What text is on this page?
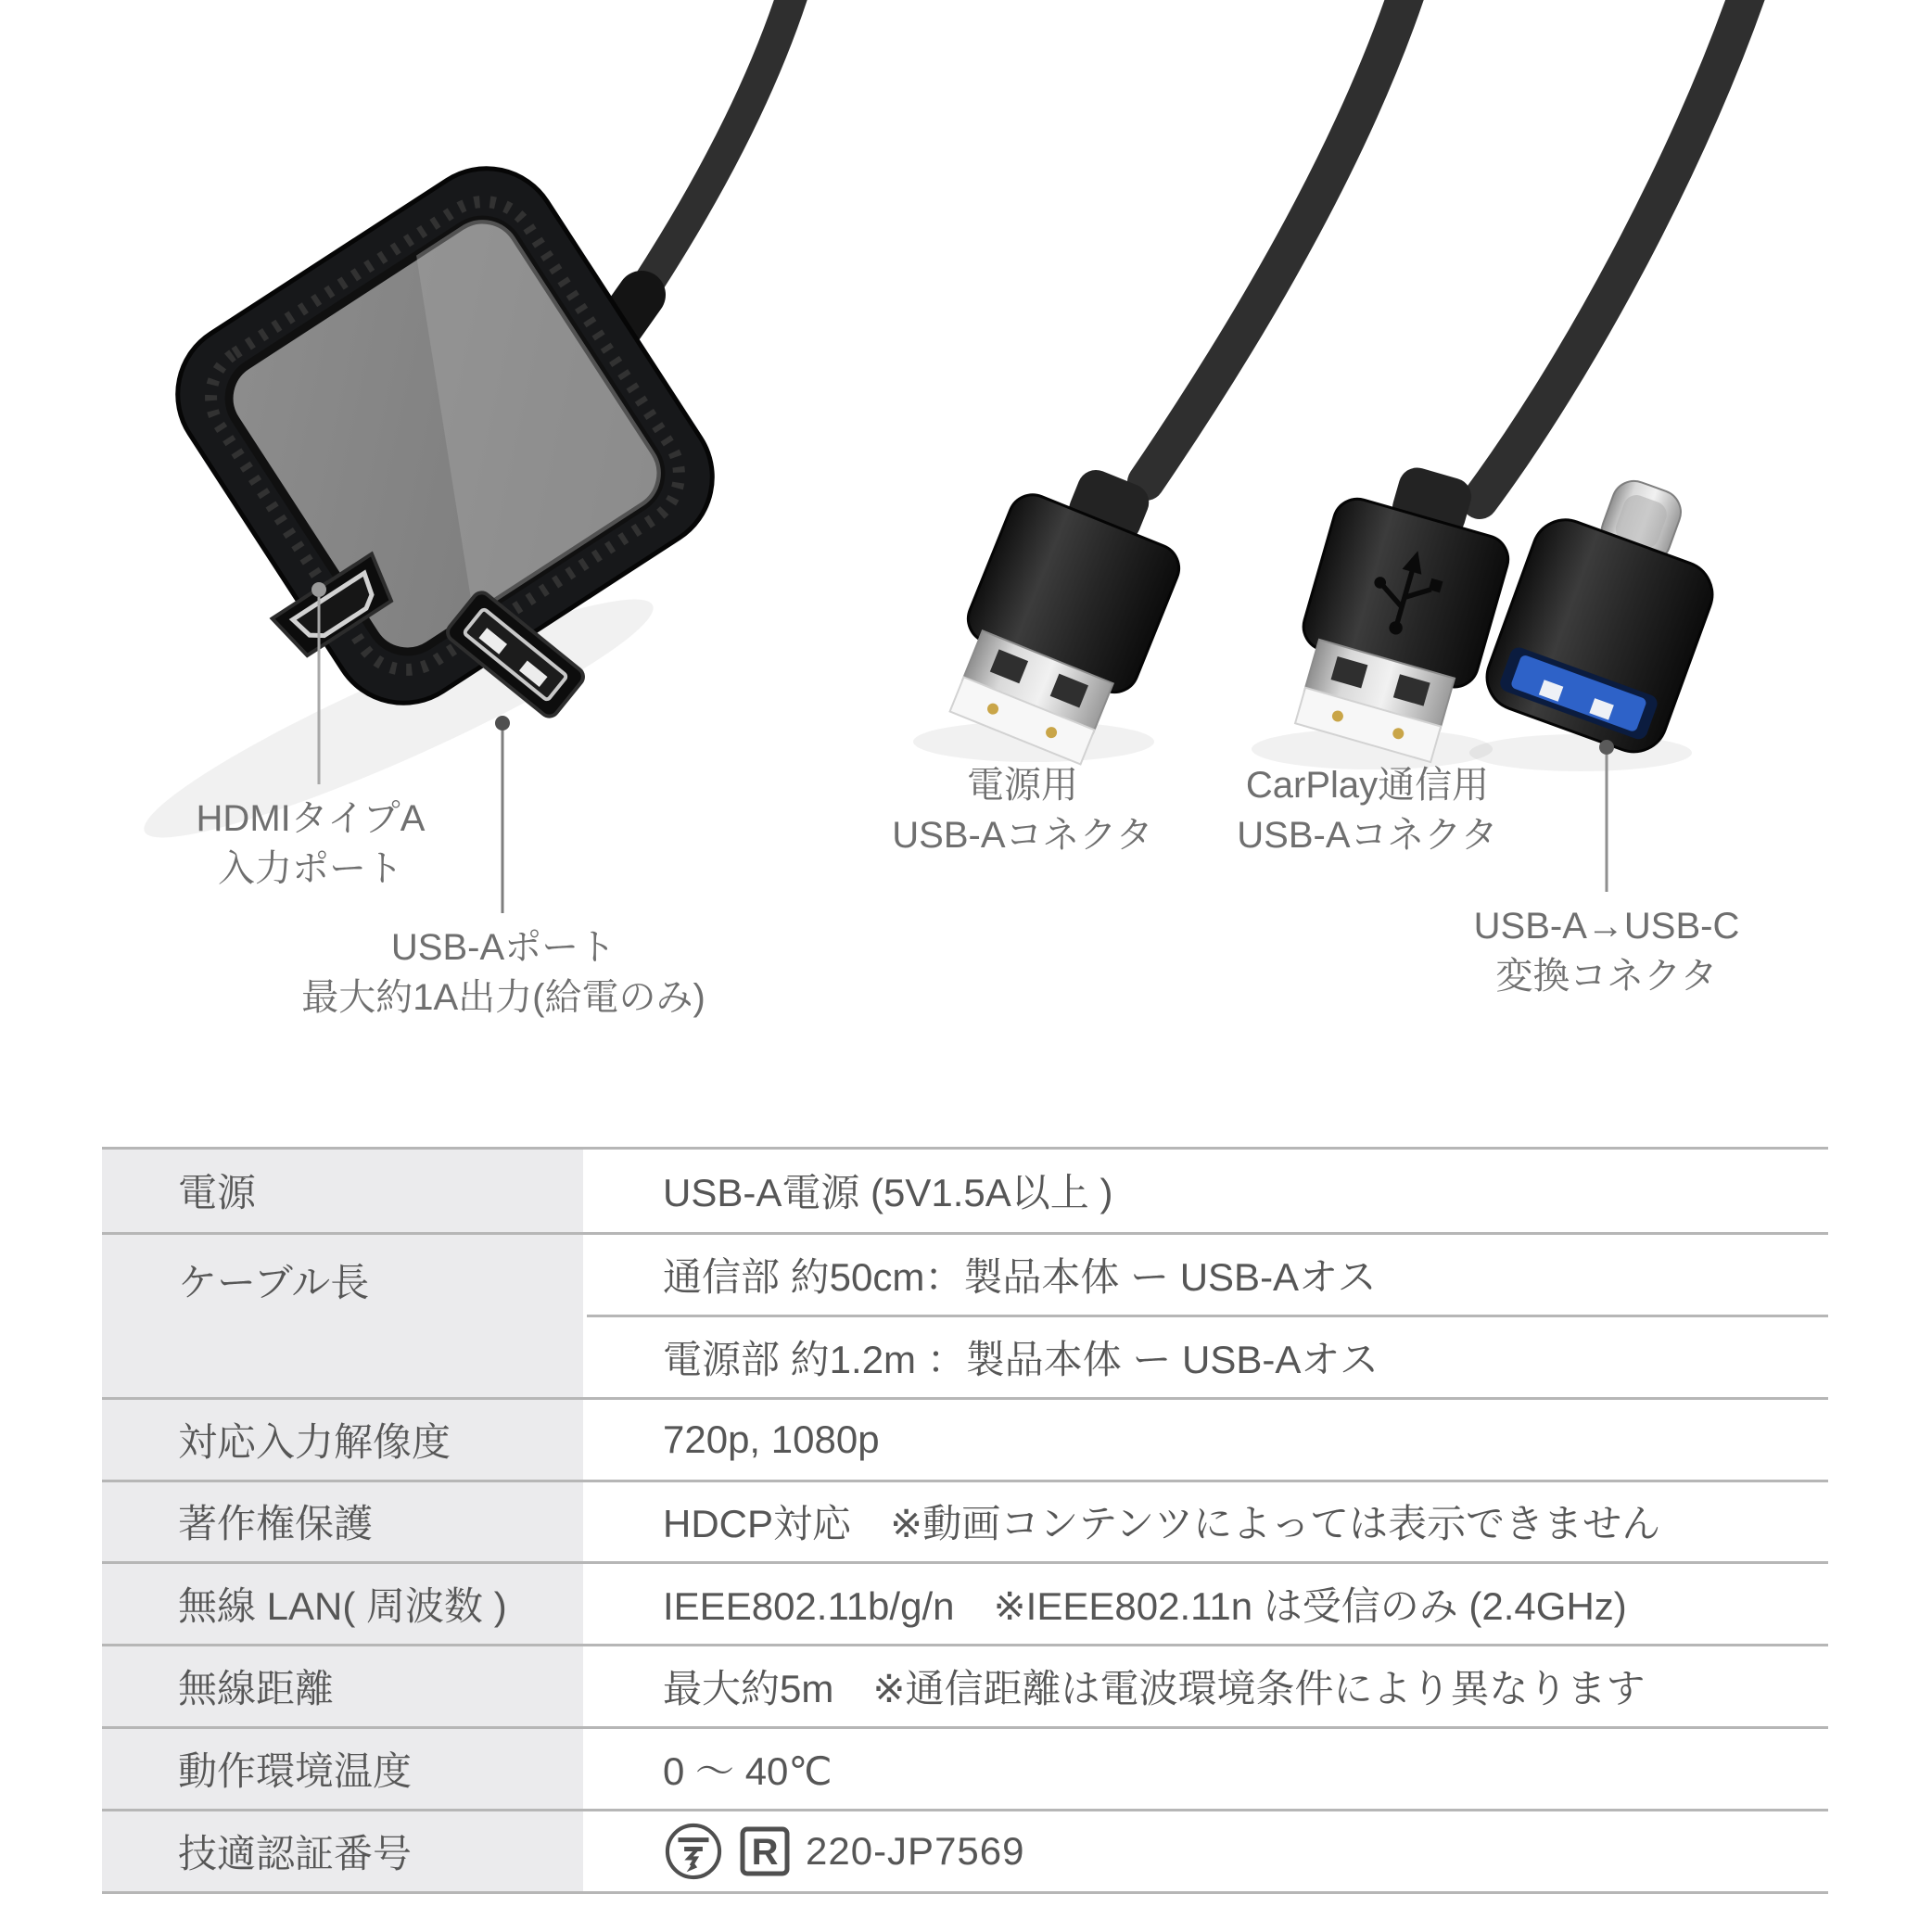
HDMIタイプA
入力ポート
USB-Aポート
最大約1A出力(給電のみ)
電源用
USB-Aコネクタ
CarPlay通信用
USB-Aコネクタ
USB-A→USB-C
変換コネクタ
電源	USB-A電源 (5V1.5A以上 )
ケーブル長	通信部 約50cm：製品本体 ー USB-Aオス
電源部 約1.2m ：製品本体 ー USB-Aオス
対応入力解像度	720p, 1080p
著作権保護	HDCP対応　※動画コンテンツによっては表示できません
無線 LAN( 周波数 )	IEEE802.11b/g/n　※IEEE802.11n は受信のみ (2.4GHz)
無線距離	最大約5m　※通信距離は電波環境条件により異なります
動作環境温度	0 ～ 40℃
技適認証番号	R 220-JP7569
